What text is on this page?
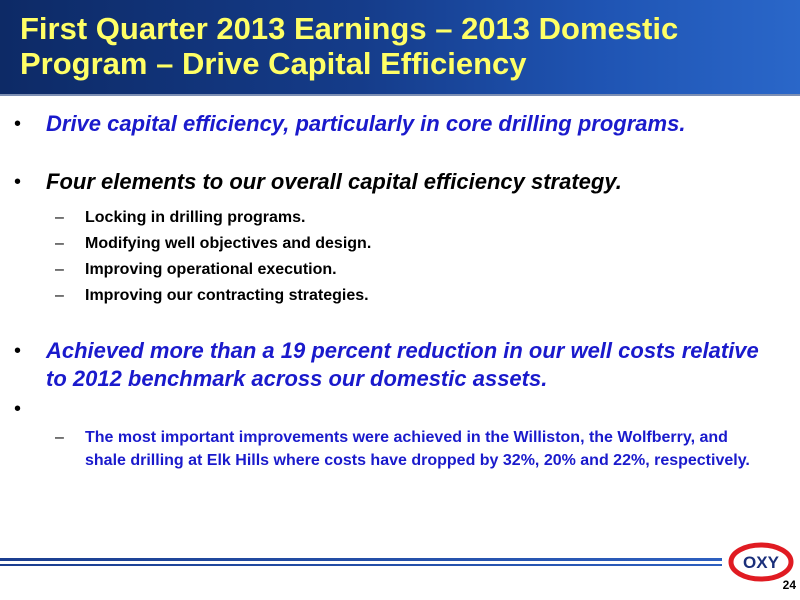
First Quarter 2013 Earnings – 2013 Domestic Program – Drive Capital Efficiency
• Drive capital efficiency, particularly in core drilling programs.
• Four elements to our overall capital efficiency strategy.
– Locking in drilling programs.
– Modifying well objectives and design.
– Improving operational execution.
– Improving our contracting strategies.
• Achieved more than a 19 percent reduction in our well costs relative to 2012 benchmark across our domestic assets.
•
– The most important improvements were achieved in the Williston, the Wolfberry, and shale drilling at Elk Hills where costs have dropped by 32%, 20% and 22%, respectively.
OXY
24
